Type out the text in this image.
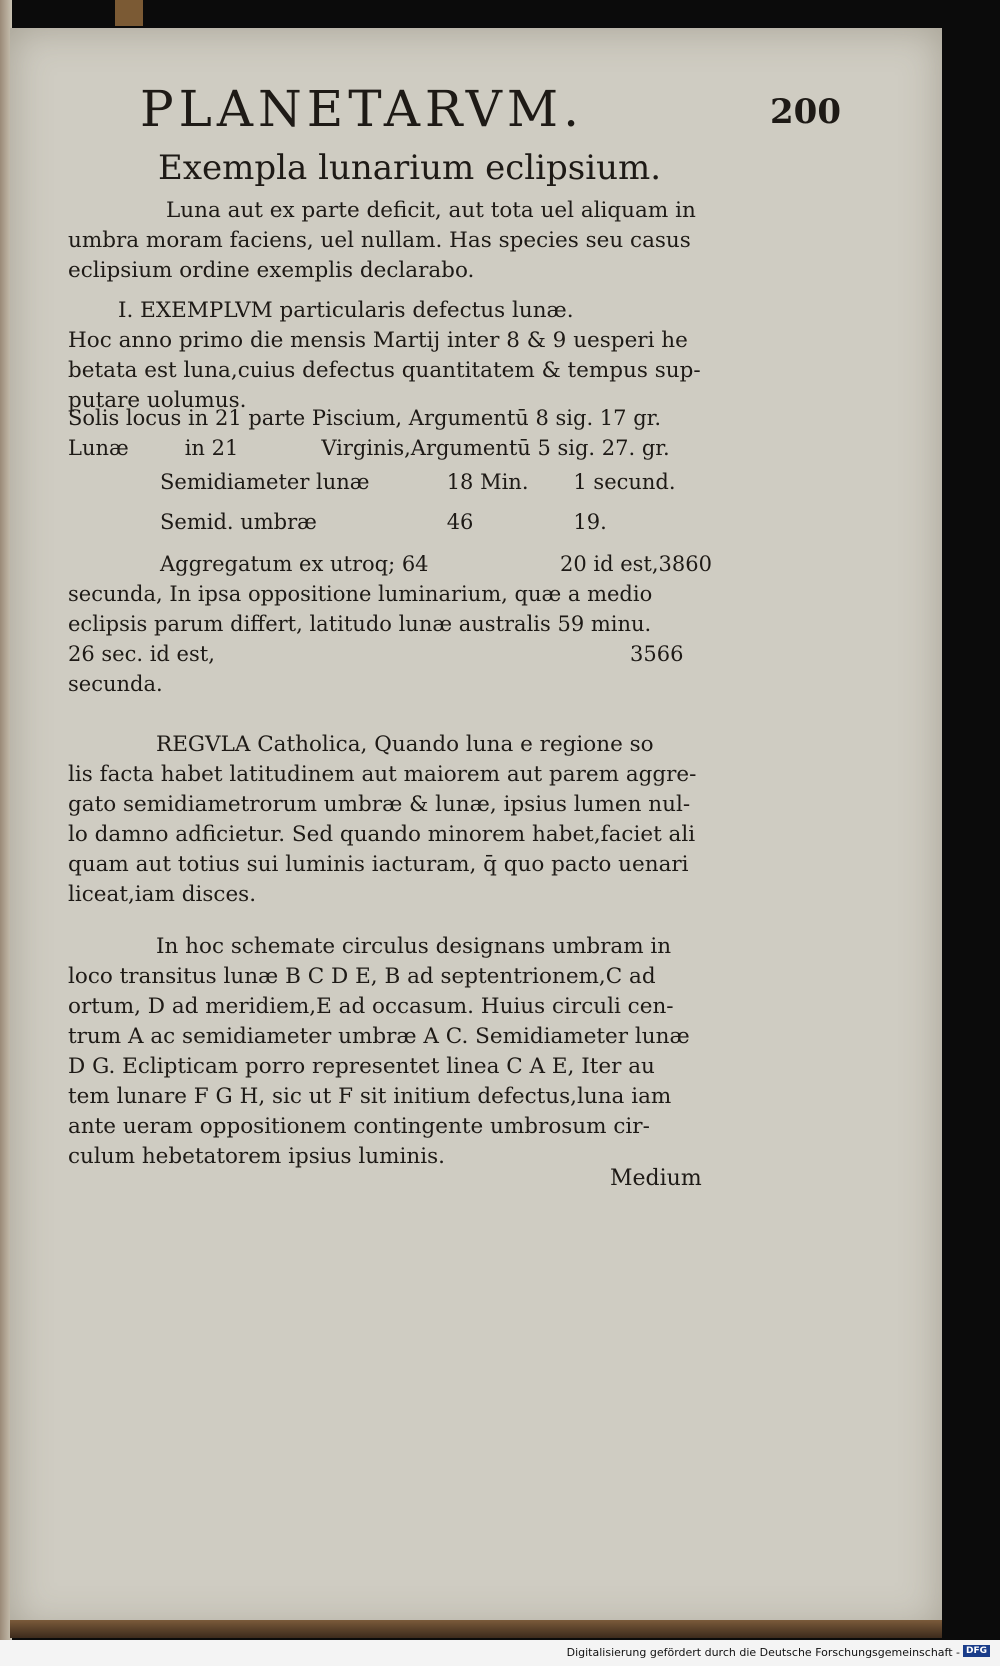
PLANETARVM.	200
Exempla lunarium eclipsium.
Luna aut ex parte deficit, aut tota uel aliquam in
umbra moram faciens, uel nullam. Has species seu casus
eclipsium ordine exemplis declarabo.
I. EXEMPLVM particularis defectus lunæ.
Hoc anno primo die mensis Martij inter 8 & 9 uesperi he
betata est luna,cuius defectus quantitatem & tempus sup-
putare uolumus.
Solis locus in 21 parte Piscium, Argumentū 8 sig. 17 gr.
Lunæ	in 21	Virginis,Argumentū 5 sig. 27. gr.
Semidiameter lunæ	18 Min. 1 secund.
Semid. umbræ	46	19.
Aggregatum ex utroq; 64	20 id est,3860
secunda, In ipsa oppositione luminarium, quæ a medio
eclipsis parum differt, latitudo lunæ australis 59 minu.
26 sec. id est,	3566
secunda.
REGVLA Catholica, Quando luna e regione so
lis facta habet latitudinem aut maiorem aut parem aggre-
gato semidiametrorum umbræ & lunæ, ipsius lumen nul-
lo damno adficietur. Sed quando minorem habet,faciet ali
quam aut totius sui luminis iacturam, q̄ quo pacto uenari
liceat,iam disces.
In hoc schemate circulus designans umbram in
loco transitus lunæ B C D E, B ad septentrionem,C ad
ortum, D ad meridiem,E ad occasum. Huius circuli cen-
trum A ac semidiameter umbræ A C. Semidiameter lunæ
D G. Eclipticam porro representet linea C A E, Iter au
tem lunare F G H, sic ut F sit initium defectus,luna iam
ante ueram oppositionem contingente umbrosum cir-
culum hebetatorem ipsius luminis.
Medium
Digitalisierung gefördert durch die Deutsche Forschungsgemeinschaft - DFG
